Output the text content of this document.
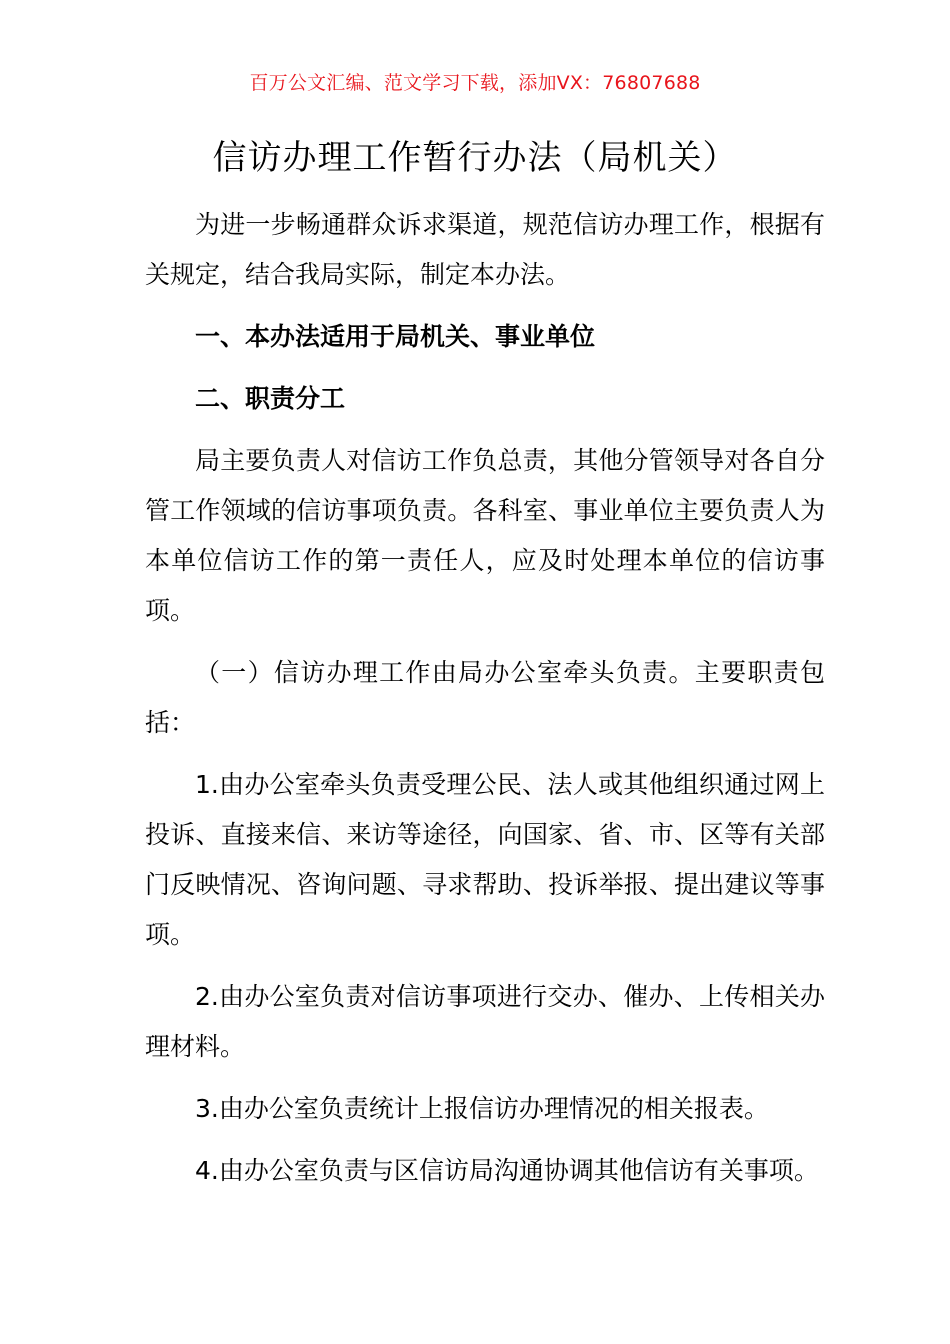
百万公文汇编、范文学习下载，添加VX：76807688
信访办理工作暂行办法（局机关）

为进一步畅通群众诉求渠道，规范信访办理工作，根据有关规定，结合我局实际，制定本办法。

一、本办法适用于局机关、事业单位

二、职责分工

局主要负责人对信访工作负总责，其他分管领导对各自分管工作领域的信访事项负责。各科室、事业单位主要负责人为本单位信访工作的第一责任人，应及时处理本单位的信访事项。

（一）信访办理工作由局办公室牵头负责。主要职责包括：

1.由办公室牵头负责受理公民、法人或其他组织通过网上投诉、直接来信、来访等途径，向国家、省、市、区等有关部门反映情况、咨询问题、寻求帮助、投诉举报、提出建议等事项。

2.由办公室负责对信访事项进行交办、催办、上传相关办理材料。

3.由办公室负责统计上报信访办理情况的相关报表。

4.由办公室负责与区信访局沟通协调其他信访有关事项。
